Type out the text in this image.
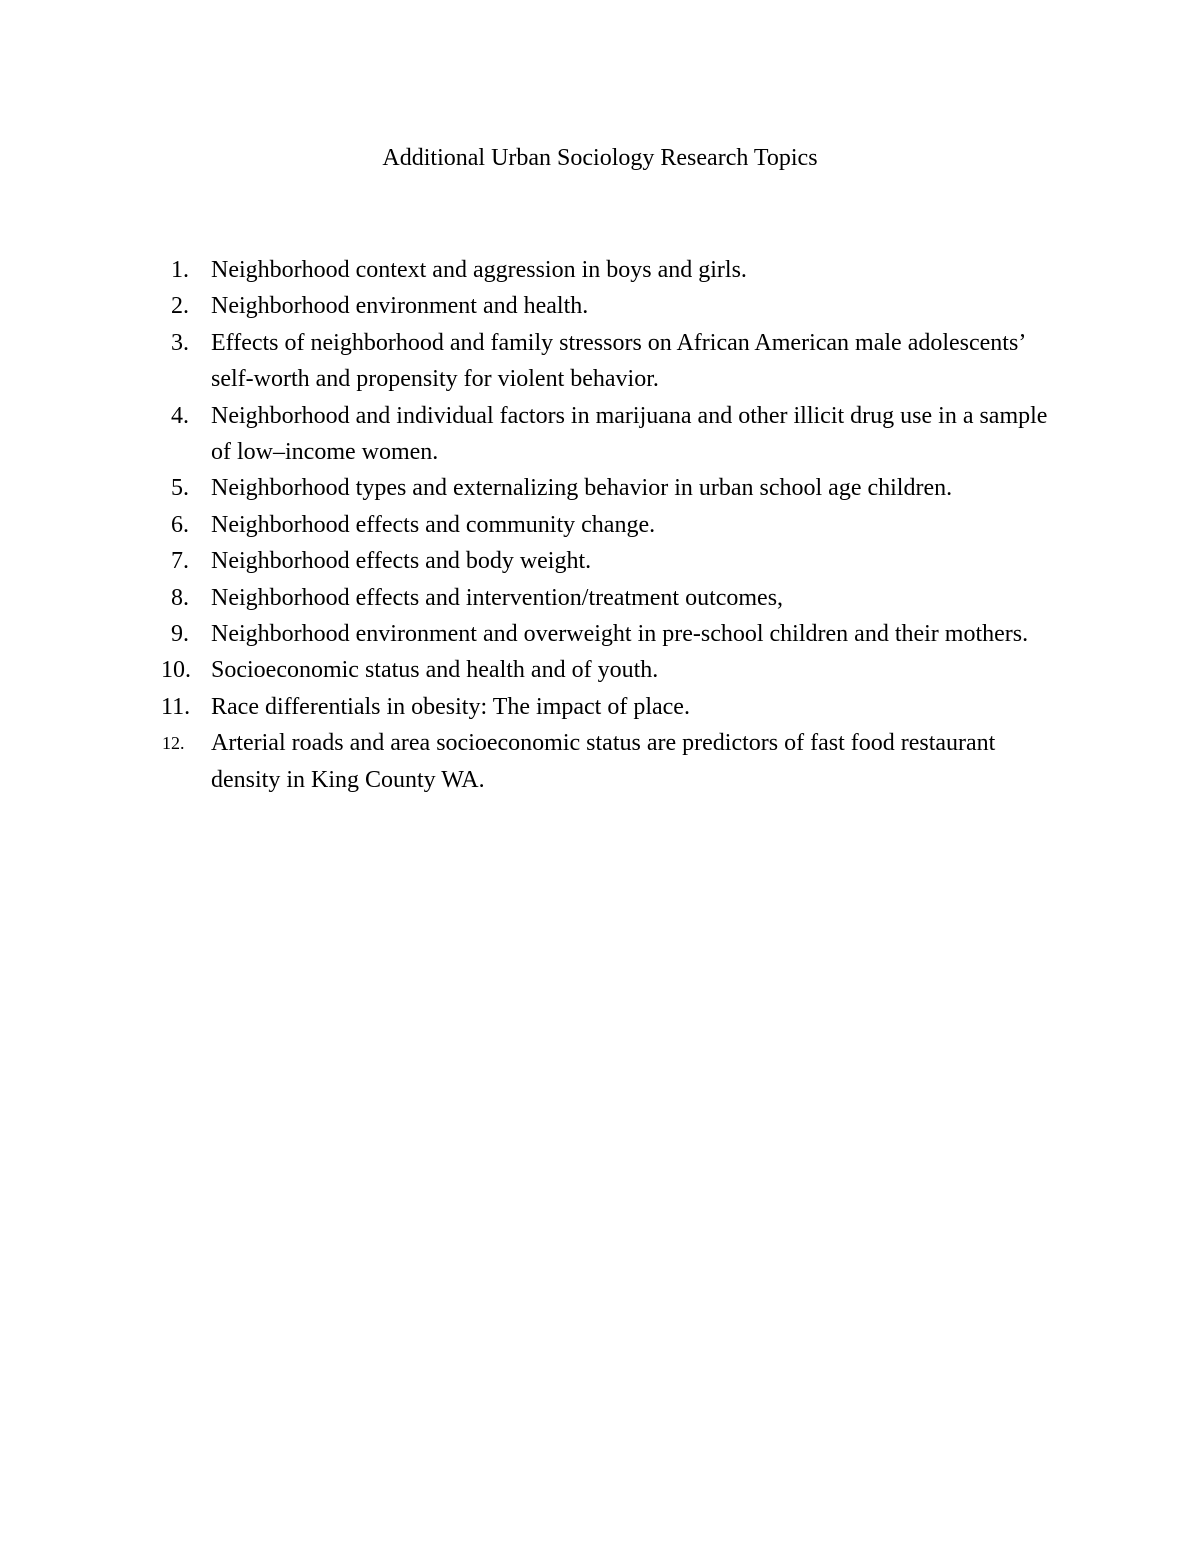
Additional Urban Sociology Research Topics
1. Neighborhood context and aggression in boys and girls.
2. Neighborhood environment and health.
3. Effects of neighborhood and family stressors on African American male adolescents’ self-worth and propensity for violent behavior.
4. Neighborhood and individual factors in marijuana and other illicit drug use in a sample of low–income women.
5. Neighborhood types and externalizing behavior in urban school age children.
6. Neighborhood effects and community change.
7. Neighborhood effects and body weight.
8. Neighborhood effects and intervention/treatment outcomes,
9. Neighborhood environment and overweight in pre-school children and their mothers.
10. Socioeconomic status and health and of youth.
11. Race differentials in obesity: The impact of place.
12. Arterial roads and area socioeconomic status are predictors of fast food restaurant density in King County WA.
